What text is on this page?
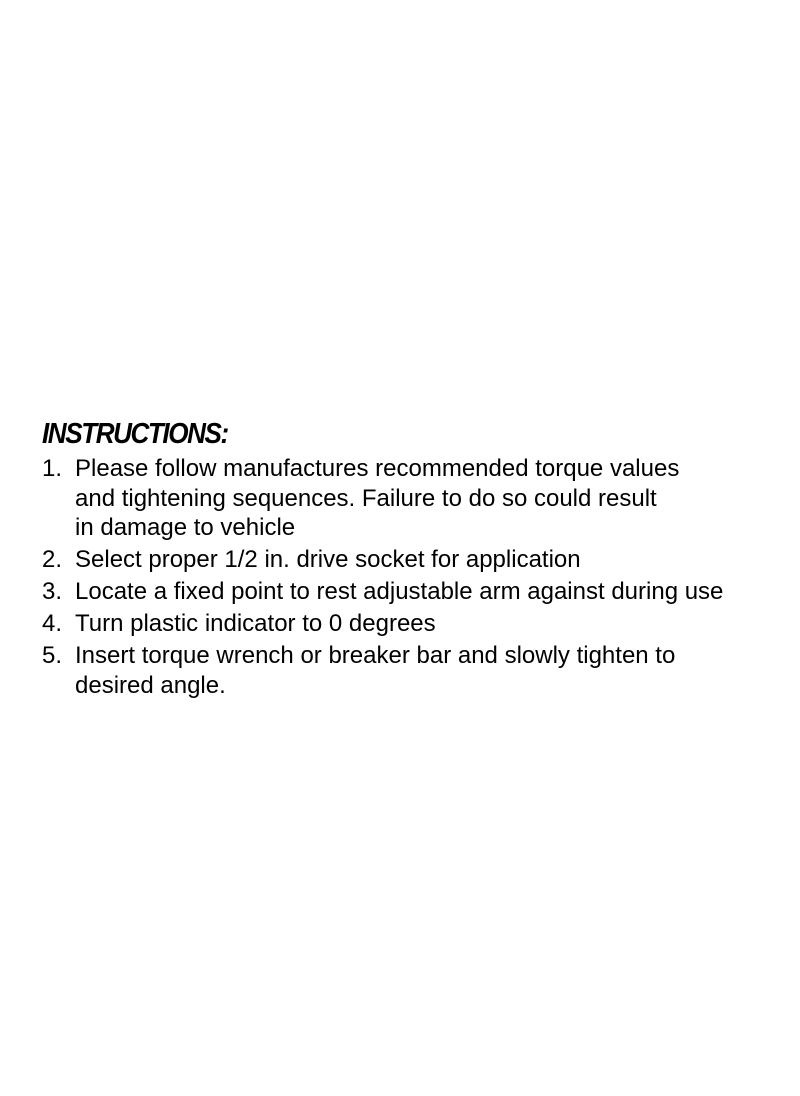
INSTRUCTIONS:
1. Please follow manufactures recommended torque values
and tightening sequences. Failure to do so could result
in damage to vehicle
2. Select proper 1/2 in. drive socket for application
3. Locate a fixed point to rest adjustable arm against during use
4. Turn plastic indicator to 0 degrees
5. Insert torque wrench or breaker bar and slowly tighten to
desired angle.
